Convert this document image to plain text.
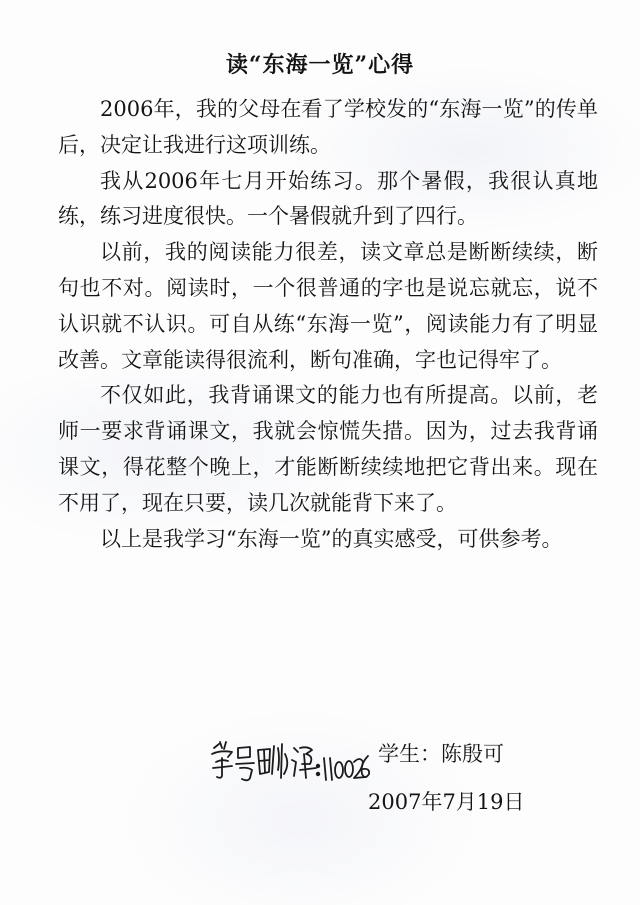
读“东海一览”心得

2006年，我的父母在看了学校发的“东海一览”的传单后，决定让我进行这项训练。

我从2006年七月开始练习。那个暑假，我很认真地练，练习进度很快。一个暑假就升到了四行。

以前，我的阅读能力很差，读文章总是断断续续，断句也不对。阅读时，一个很普通的字也是说忘就忘，说不认识就不认识。可自从练“东海一览”，阅读能力有了明显改善。文章能读得很流利，断句准确，字也记得牢了。

不仅如此，我背诵课文的能力也有所提高。以前，老师一要求背诵课文，我就会惊慌失措。因为，过去我背诵课文，得花整个晚上，才能断断续续地把它背出来。现在不用了，现在只要，读几次就能背下来了。

以上是我学习“东海一览”的真实感受，可供参考。

学生：陈殷可

2007年7月19日
